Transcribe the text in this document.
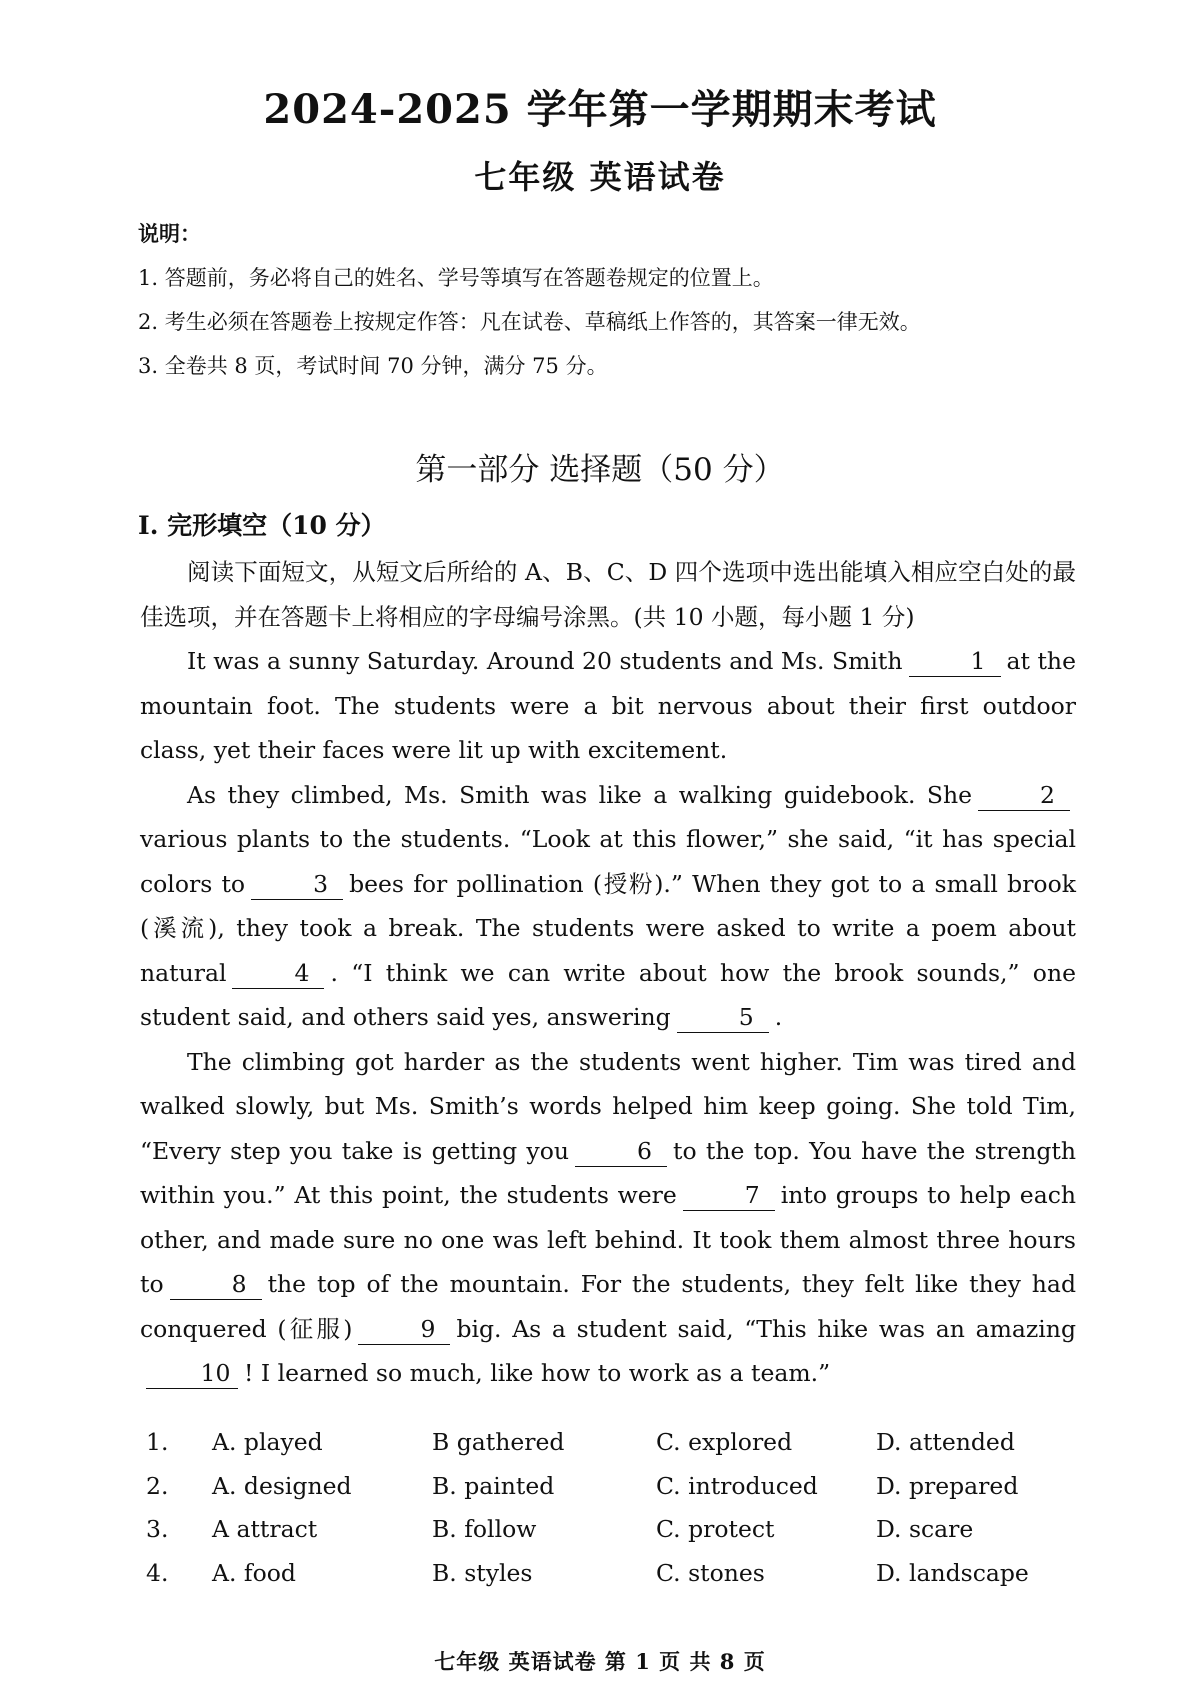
2024-2025 学年第一学期期末考试
七年级 英语试卷
说明：
1. 答题前，务必将自己的姓名、学号等填写在答题卷规定的位置上。
2. 考生必须在答题卷上按规定作答：凡在试卷、草稿纸上作答的，其答案一律无效。
3. 全卷共 8 页，考试时间 70 分钟，满分 75 分。
第一部分 选择题（50 分）
I. 完形填空（10 分）

阅读下面短文，从短文后所给的 A、B、C、D 四个选项中选出能填入相应空白处的最佳选项，并在答题卡上将相应的字母编号涂黑。(共 10 小题，每小题 1 分)

It was a sunny Saturday. Around 20 students and Ms. Smith	1 at the mountain foot. The students were a bit nervous about their first outdoor class, yet their faces were lit up with excitement.

As they climbed, Ms. Smith was like a walking guidebook. She	2various plants to the students. “Look at this flower,” she said, “it has special colors to	3 bees for pollination (授粉).” When they got to a small brook (溪流), they took a break. The students were asked to write a poem about natural	4 . “I think we can write about how the brook sounds,” one student said, and others said yes, answering	5 .

The climbing got harder as the students went higher. Tim was tired and walked slowly, but Ms. Smith’s words helped him keep going. She told Tim, “Every step you take is getting you	6 to the top. You have the strength within you.” At this point, the students were	7 into groups to help each other, and made sure no one was left behind. It took them almost three hours to	8 the top of the mountain. For the students, they felt like they had conquered (征服)	9 big. As a student said, “This hike was an amazing10 ! I learned so much, like how to work as a team.”

1. A. played	B gathered	C. explored	D. attended
2. A. designed	B. painted	C. introduced D. prepared
3. A attract	B. follow	C. protect	D. scare
4. A. food	B. styles	C. stones	D. landscape
七年级 英语试卷 第 1 页 共 8 页
